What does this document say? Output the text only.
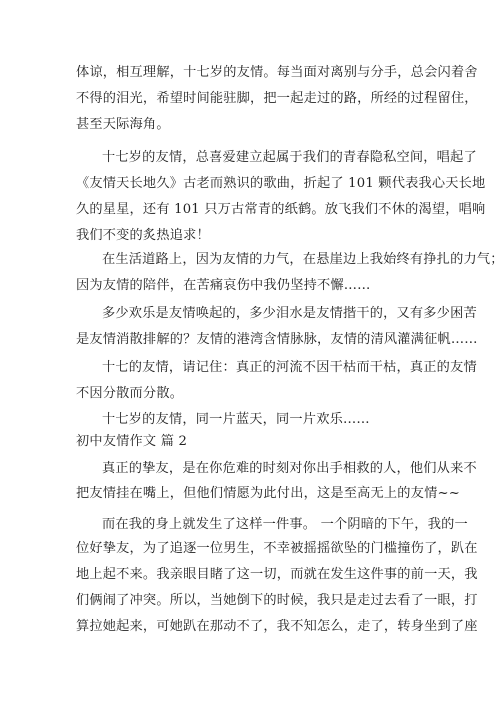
体谅，相互理解，十七岁的友情。每当面对离别与分手，总会闪着舍
不得的泪光，希望时间能驻脚，把一起走过的路，所经的过程留住，
甚至天际海角。
十七岁的友情，总喜爱建立起属于我们的青春隐私空间，唱起了
《友情天长地久》古老而熟识的歌曲，折起了 101 颗代表我心天长地
久的星星，还有 101 只万古常青的纸鹤。放飞我们不休的渴望，唱响
我们不变的炙热追求！
在生活道路上，因为友情的力气，在悬崖边上我始终有挣扎的力气；
因为友情的陪伴，在苦痛哀伤中我仍坚持不懈……
多少欢乐是友情唤起的，多少泪水是友情揩干的，又有多少困苦
是友情消散排解的？友情的港湾含情脉脉，友情的清风灌满征帆……
十七的友情，请记住：真正的河流不因干枯而干枯，真正的友情
不因分散而分散。
十七岁的友情，同一片蓝天，同一片欢乐……
初中友情作文 篇 2
真正的挚友，是在你危难的时刻对你出手相救的人，他们从来不
把友情挂在嘴上，但他们情愿为此付出，这是至高无上的友情~~
而在我的身上就发生了这样一件事。 一个阴暗的下午，我的一
位好挚友，为了追逐一位男生，不幸被摇摇欲坠的门槛撞伤了，趴在
地上起不来。我亲眼目睹了这一切，而就在发生这件事的前一天，我
们俩闹了冲突。所以，当她倒下的时候，我只是走过去看了一眼，打
算拉她起来，可她趴在那动不了，我不知怎么，走了，转身坐到了座
